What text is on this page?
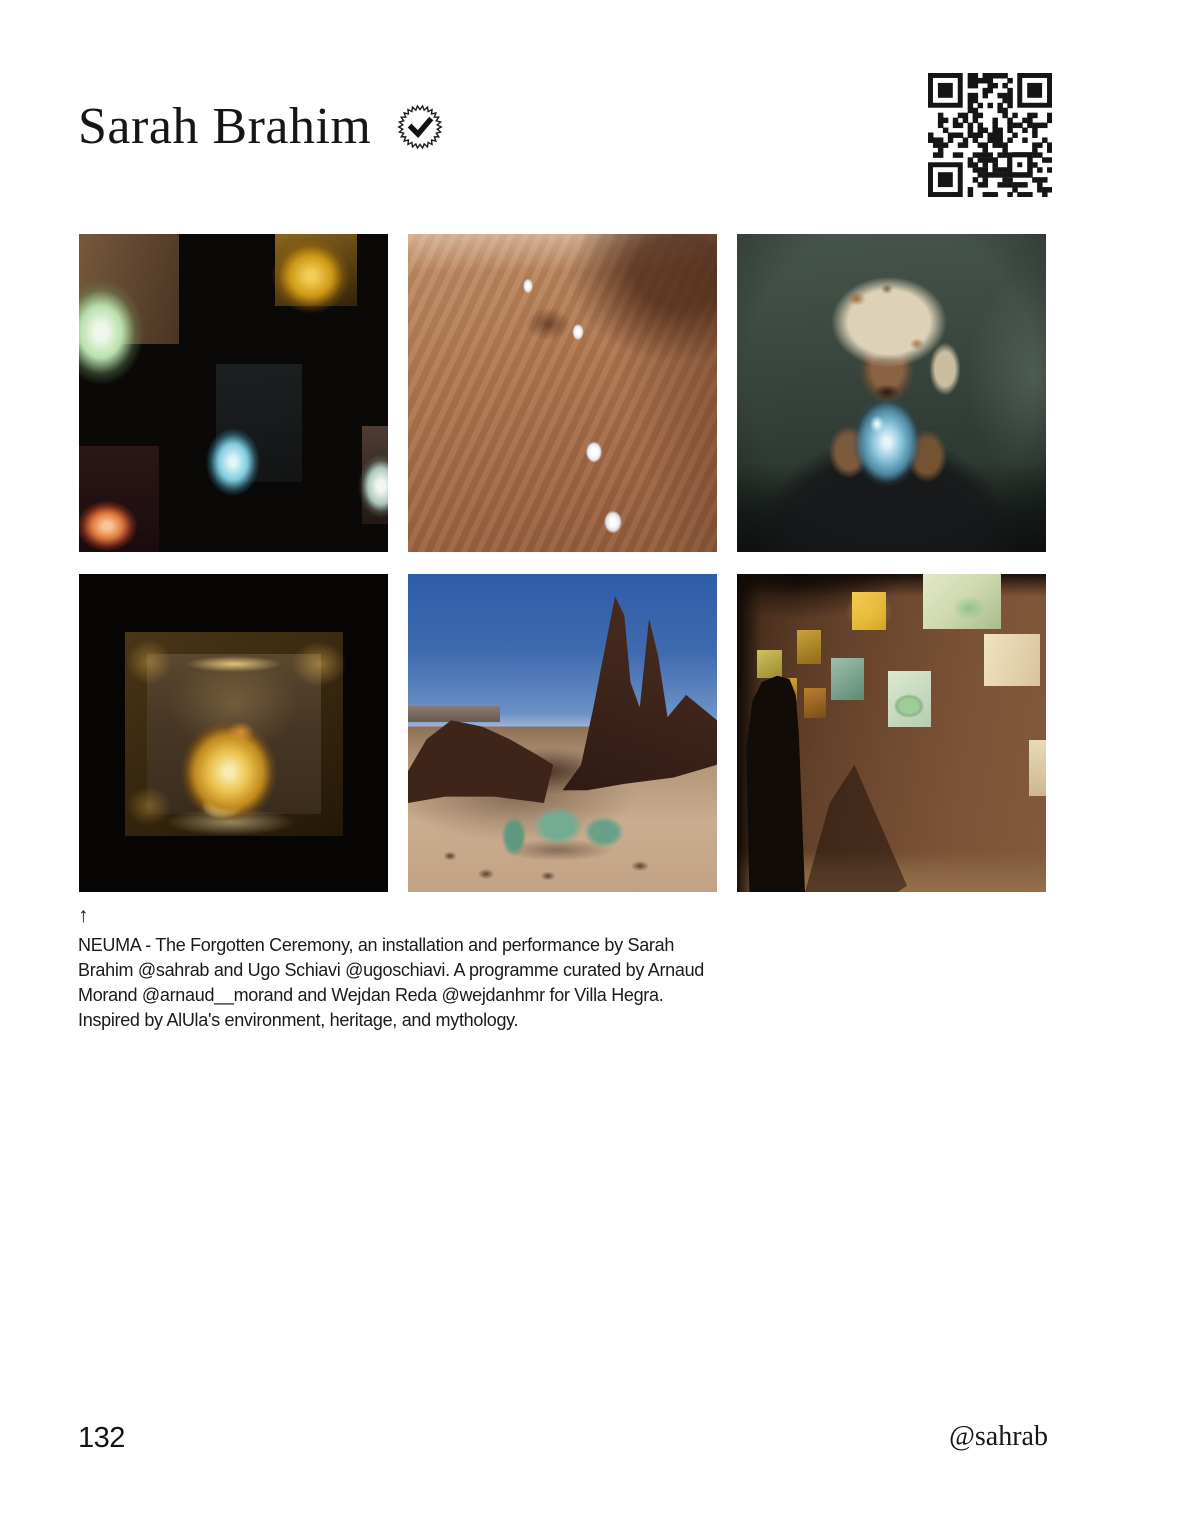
Sarah Brahim
↑
NEUMA - The Forgotten Ceremony, an installation and performance by Sarah
Brahim @sahrab and Ugo Schiavi @ugoschiavi. A programme curated by Arnaud
Morand @arnaud__morand and Wejdan Reda @wejdanhmr for Villa Hegra.
Inspired by AlUla's environment, heritage, and mythology.
132	@sahrab
